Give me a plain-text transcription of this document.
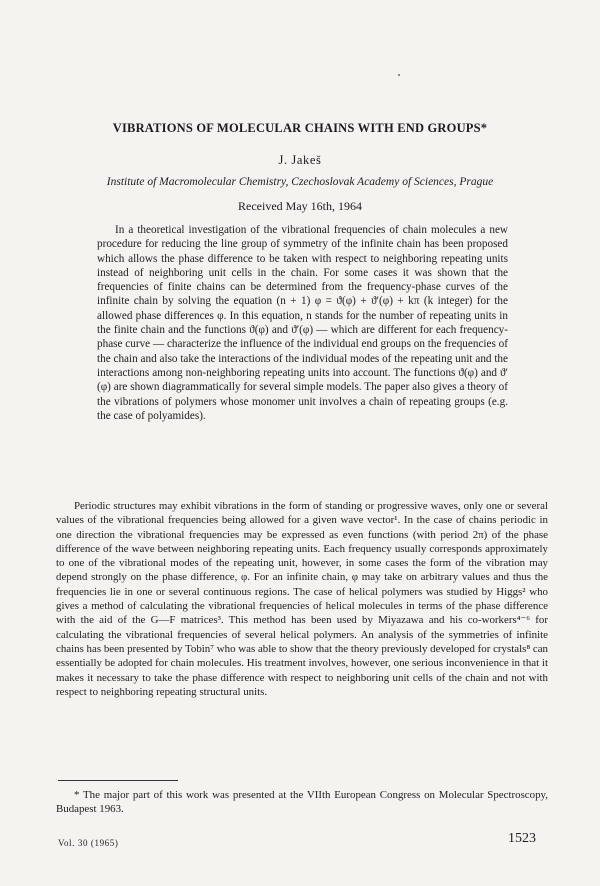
VIBRATIONS OF MOLECULAR CHAINS WITH END GROUPS*
J. Jakeš
Institute of Macromolecular Chemistry, Czechoslovak Academy of Sciences, Prague
Received May 16th, 1964

In a theoretical investigation of the vibrational frequencies of chain molecules a new procedure for reducing the line group of symmetry of the infinite chain has been proposed which allows the phase difference to be taken with respect to neighboring repeating units instead of neighboring unit cells in the chain. For some cases it was shown that the frequencies of finite chains can be determined from the frequency-phase curves of the infinite chain by solving the equation (n + 1) φ = ϑ(φ) + ϑ′(φ) + kπ (k integer) for the allowed phase differences φ. In this equation, n stands for the number of repeating units in the finite chain and the functions ϑ(φ) and ϑ′(φ) — which are different for each frequency-phase curve — characterize the influence of the individual end groups on the frequencies of the chain and also take the interactions of the individual modes of the repeating unit and the interactions among non-neighboring repeating units into account. The functions ϑ(φ) and ϑ′(φ) are shown diagrammatically for several simple models. The paper also gives a theory of the vibrations of polymers whose monomer unit involves a chain of repeating groups (e.g. the case of polyamides).

Periodic structures may exhibit vibrations in the form of standing or progressive waves, only one or several values of the vibrational frequencies being allowed for a given wave vector¹. In the case of chains periodic in one direction the vibrational frequencies may be expressed as even functions (with period 2π) of the phase difference of the wave between neighboring repeating units. Each frequency usually corresponds approximately to one of the vibrational modes of the repeating unit, however, in some cases the form of the vibration may depend strongly on the phase difference, φ. For an infinite chain, φ may take on arbitrary values and thus the frequencies lie in one or several continuous regions. The case of helical polymers was studied by Higgs² who gives a method of calculating the vibrational frequencies of helical molecules in terms of the phase difference with the aid of the G—F matrices³. This method has been used by Miyazawa and his co-workers⁴⁻⁶ for calculating the vibrational frequencies of several helical polymers. An analysis of the symmetries of infinite chains has been presented by Tobin⁷ who was able to show that the theory previously developed for crystals⁸ can essentially be adopted for chain molecules. His treatment involves, however, one serious inconvenience in that it makes it necessary to take the phase difference with respect to neighboring unit cells of the chain and not with respect to neighboring repeating structural units.

* The major part of this work was presented at the VIIth European Congress on Molecular Spectroscopy, Budapest 1963.

Vol. 30 (1965)	1523
